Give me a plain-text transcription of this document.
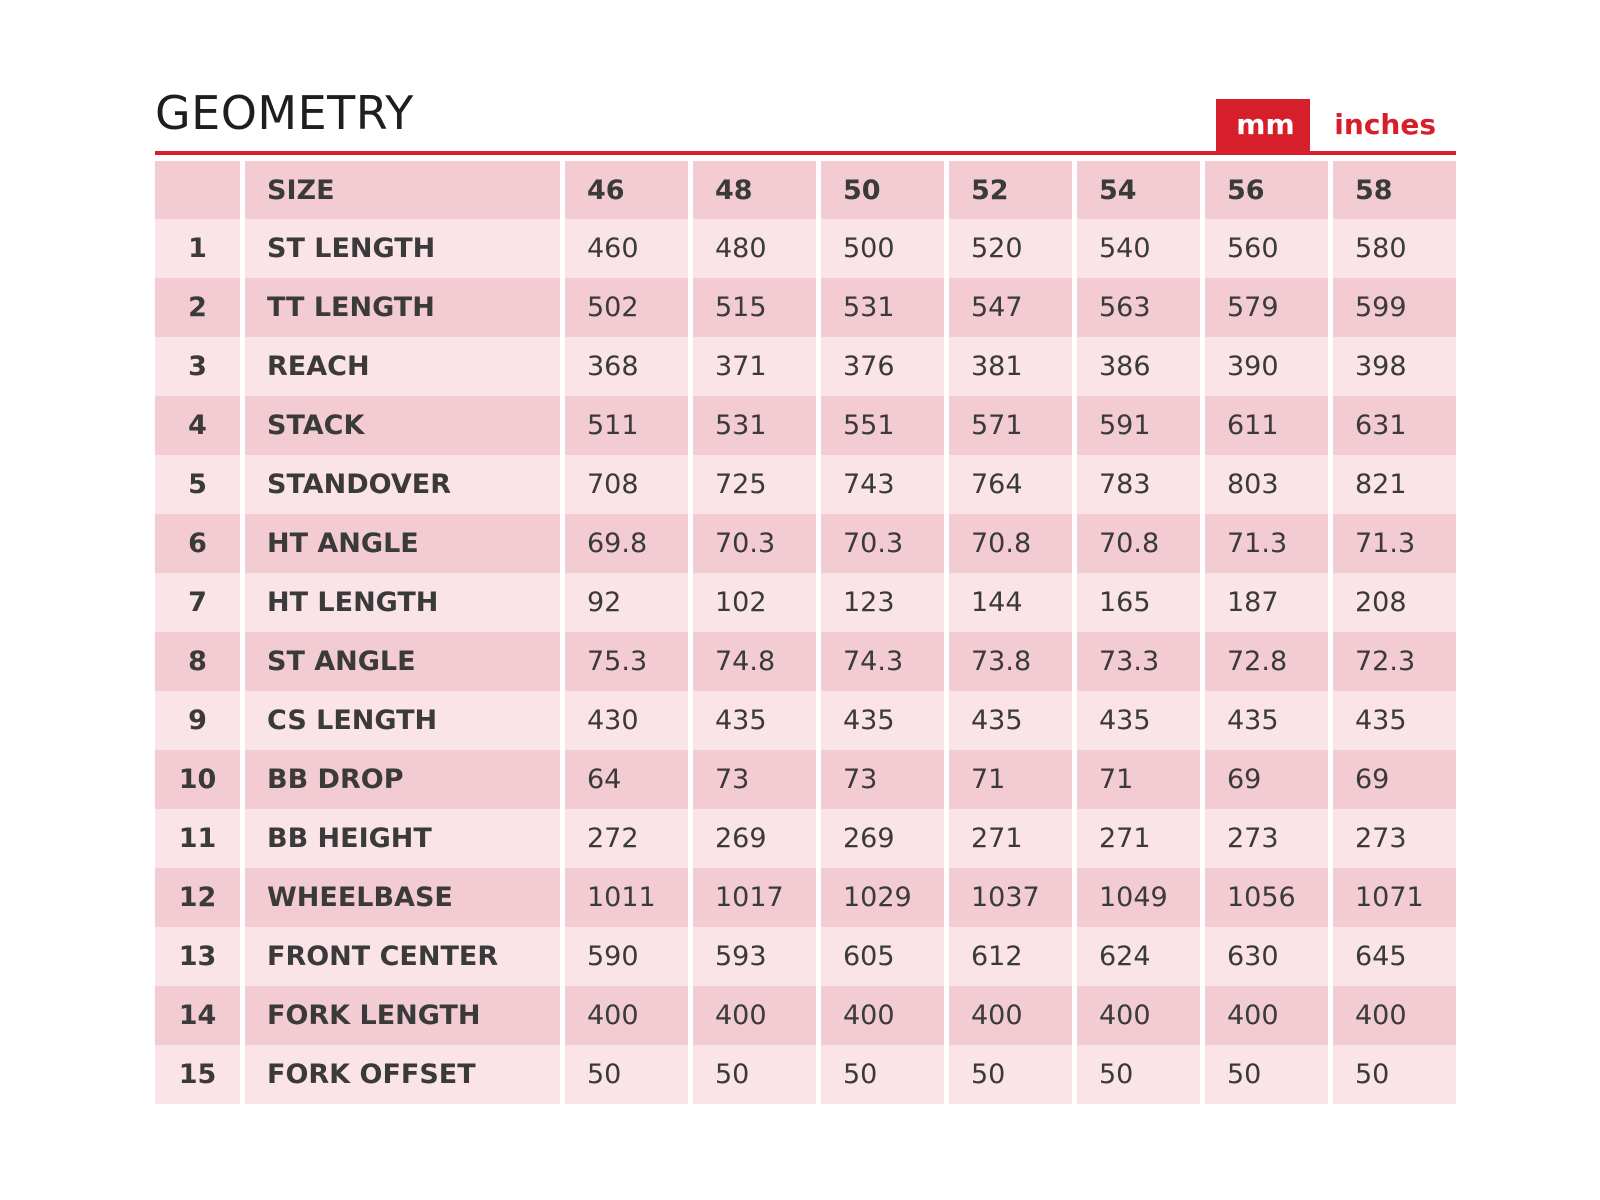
GEOMETRY	mm	inches
	SIZE	46	48	50	52	54	56	58
1	ST LENGTH	460	480	500	520	540	560	580
2	TT LENGTH	502	515	531	547	563	579	599
3	REACH	368	371	376	381	386	390	398
4	STACK	511	531	551	571	591	611	631
5	STANDOVER	708	725	743	764	783	803	821
6	HT ANGLE	69.8	70.3	70.3	70.8	70.8	71.3	71.3
7	HT LENGTH	92	102	123	144	165	187	208
8	ST ANGLE	75.3	74.8	74.3	73.8	73.3	72.8	72.3
9	CS LENGTH	430	435	435	435	435	435	435
10	BB DROP	64	73	73	71	71	69	69
11	BB HEIGHT	272	269	269	271	271	273	273
12	WHEELBASE	1011	1017	1029	1037	1049	1056	1071
13	FRONT CENTER	590	593	605	612	624	630	645
14	FORK LENGTH	400	400	400	400	400	400	400
15	FORK OFFSET	50	50	50	50	50	50	50
